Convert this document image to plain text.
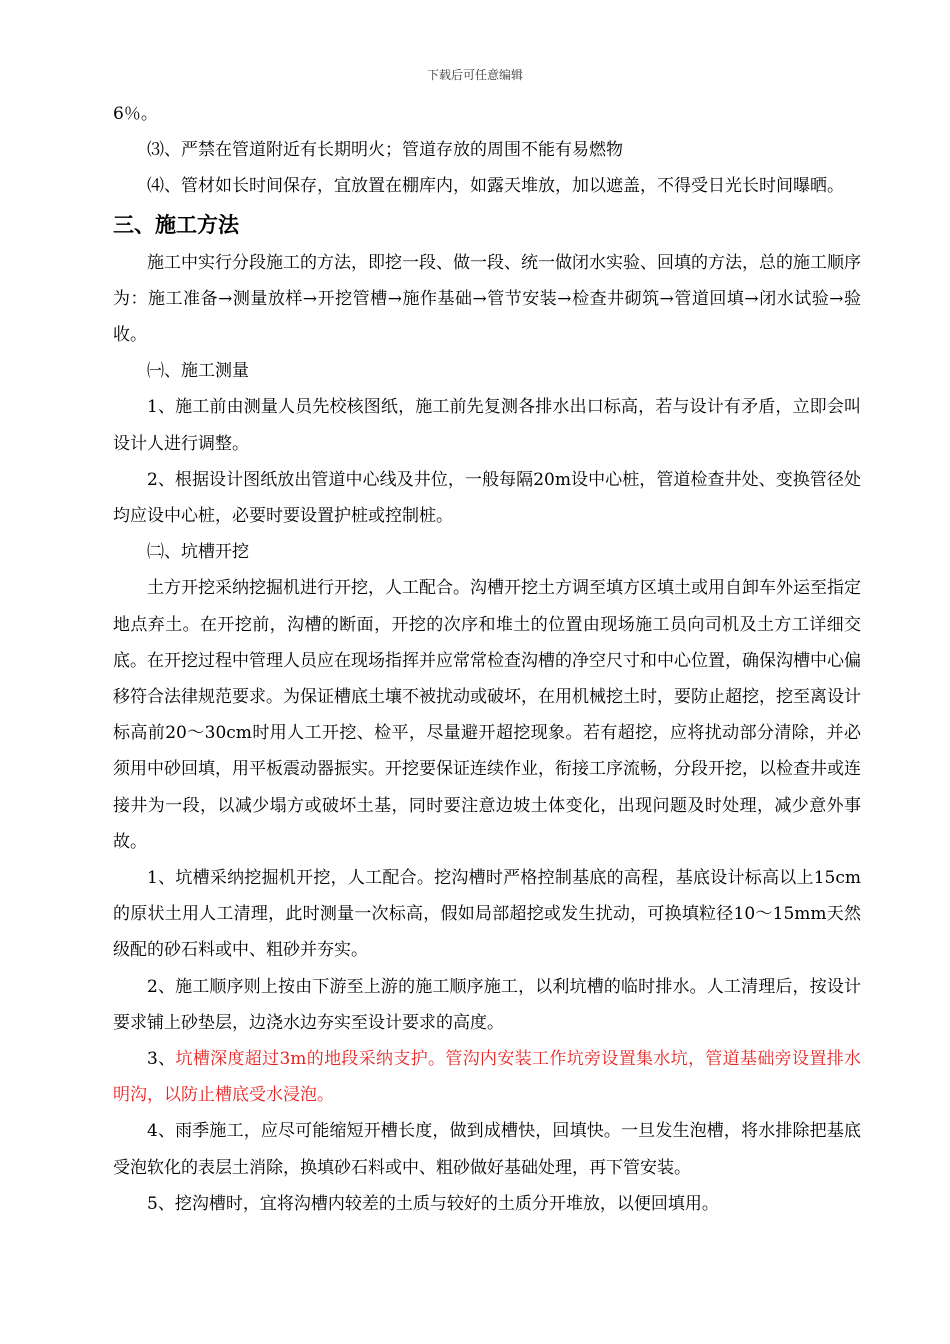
下载后可任意编辑

6％。

⑶、严禁在管道附近有长期明火；管道存放的周围不能有易燃物

⑷、管材如长时间保存，宜放置在棚库内，如露天堆放，加以遮盖，不得受日光长时间曝晒。

三、施工方法

施工中实行分段施工的方法，即挖一段、做一段、统一做闭水实验、回填的方法，总的施工顺序为：施工准备→测量放样→开挖管槽→施作基础→管节安装→检查井砌筑→管道回填→闭水试验→验收。

㈠、施工测量

1、施工前由测量人员先校核图纸，施工前先复测各排水出口标高，若与设计有矛盾，立即会叫设计人进行调整。

2、根据设计图纸放出管道中心线及井位，一般每隔20m设中心桩，管道检查井处、变换管径处均应设中心桩，必要时要设置护桩或控制桩。

㈡、坑槽开挖

土方开挖采纳挖掘机进行开挖，人工配合。沟槽开挖土方调至填方区填土或用自卸车外运至指定地点弃土。在开挖前，沟槽的断面，开挖的次序和堆土的位置由现场施工员向司机及土方工详细交底。在开挖过程中管理人员应在现场指挥并应常常检查沟槽的净空尺寸和中心位置，确保沟槽中心偏移符合法律规范要求。为保证槽底土壤不被扰动或破坏，在用机械挖土时，要防止超挖，挖至离设计标高前20～30cm时用人工开挖、检平，尽量避开超挖现象。若有超挖，应将扰动部分清除，并必须用中砂回填，用平板震动器振实。开挖要保证连续作业，衔接工序流畅，分段开挖，以检查井或连接井为一段，以减少塌方或破坏土基，同时要注意边坡土体变化，出现问题及时处理，减少意外事故。

1、坑槽采纳挖掘机开挖，人工配合。挖沟槽时严格控制基底的高程，基底设计标高以上15cm的原状土用人工清理，此时测量一次标高，假如局部超挖或发生扰动，可换填粒径10～15mm天然级配的砂石料或中、粗砂并夯实。

2、施工顺序则上按由下游至上游的施工顺序施工，以利坑槽的临时排水。人工清理后，按设计要求铺上砂垫层，边浇水边夯实至设计要求的高度。

3、坑槽深度超过3m的地段采纳支护。管沟内安装工作坑旁设置集水坑，管道基础旁设置排水明沟，以防止槽底受水浸泡。

4、雨季施工，应尽可能缩短开槽长度，做到成槽快，回填快。一旦发生泡槽，将水排除把基底受泡软化的表层土消除，换填砂石料或中、粗砂做好基础处理，再下管安装。

5、挖沟槽时，宜将沟槽内较差的土质与较好的土质分开堆放，以便回填用。
